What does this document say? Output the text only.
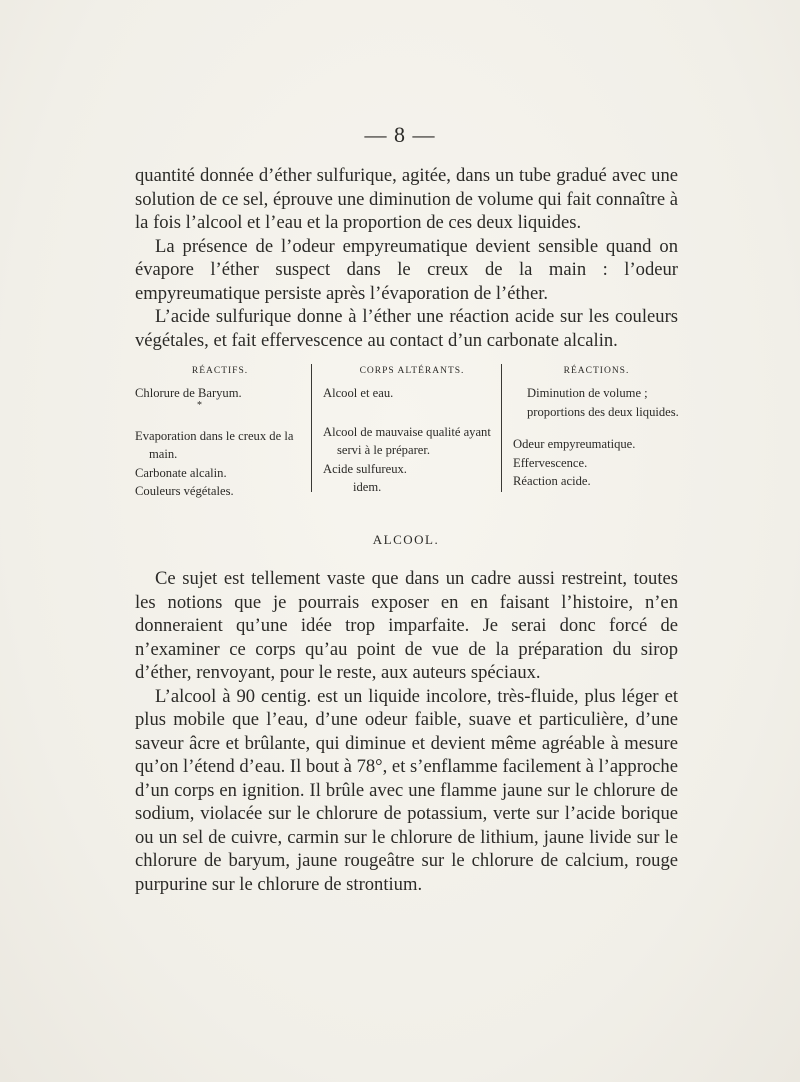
— 8 —

quantité donnée d’éther sulfurique, agitée, dans un tube gradué avec une solution de ce sel, éprouve une diminution de volume qui fait connaître à la fois l’alcool et l’eau et la proportion de ces deux liquides.

La présence de l’odeur empyreumatique devient sensible quand on évapore l’éther suspect dans le creux de la main : l’odeur empyreumatique persiste après l’évaporation de l’éther.

L’acide sulfurique donne à l’éther une réaction acide sur les couleurs végétales, et fait effervescence au contact d’un carbonate alcalin.

RÉACTIFS.

Chlorure de Baryum.

*

Evaporation dans le creux de la main.

Carbonate alcalin.

Couleurs végétales.

CORPS ALTÉRANTS.

Alcool et eau.

Alcool de mauvaise qualité ayant servi à le préparer.

Acide sulfureux.

idem.

RÉACTIONS.

Diminution de volume ; proportions des deux liquides.

Odeur empyreumatique.

Effervescence.

Réaction acide.

ALCOOL.

Ce sujet est tellement vaste que dans un cadre aussi restreint, toutes les notions que je pourrais exposer en en faisant l’histoire, n’en donneraient qu’une idée trop imparfaite. Je serai donc forcé de n’examiner ce corps qu’au point de vue de la préparation du sirop d’éther, renvoyant, pour le reste, aux auteurs spéciaux.

L’alcool à 90 centig. est un liquide incolore, très-fluide, plus léger et plus mobile que l’eau, d’une odeur faible, suave et particulière, d’une saveur âcre et brûlante, qui diminue et devient même agréable à mesure qu’on l’étend d’eau. Il bout à 78°, et s’enflamme facilement à l’approche d’un corps en ignition. Il brûle avec une flamme jaune sur le chlorure de sodium, violacée sur le chlorure de potassium, verte sur l’acide borique ou un sel de cuivre, carmin sur le chlorure de lithium, jaune livide sur le chlorure de baryum, jaune rougeâtre sur le chlorure de calcium, rouge purpurine sur le chlorure de strontium.
